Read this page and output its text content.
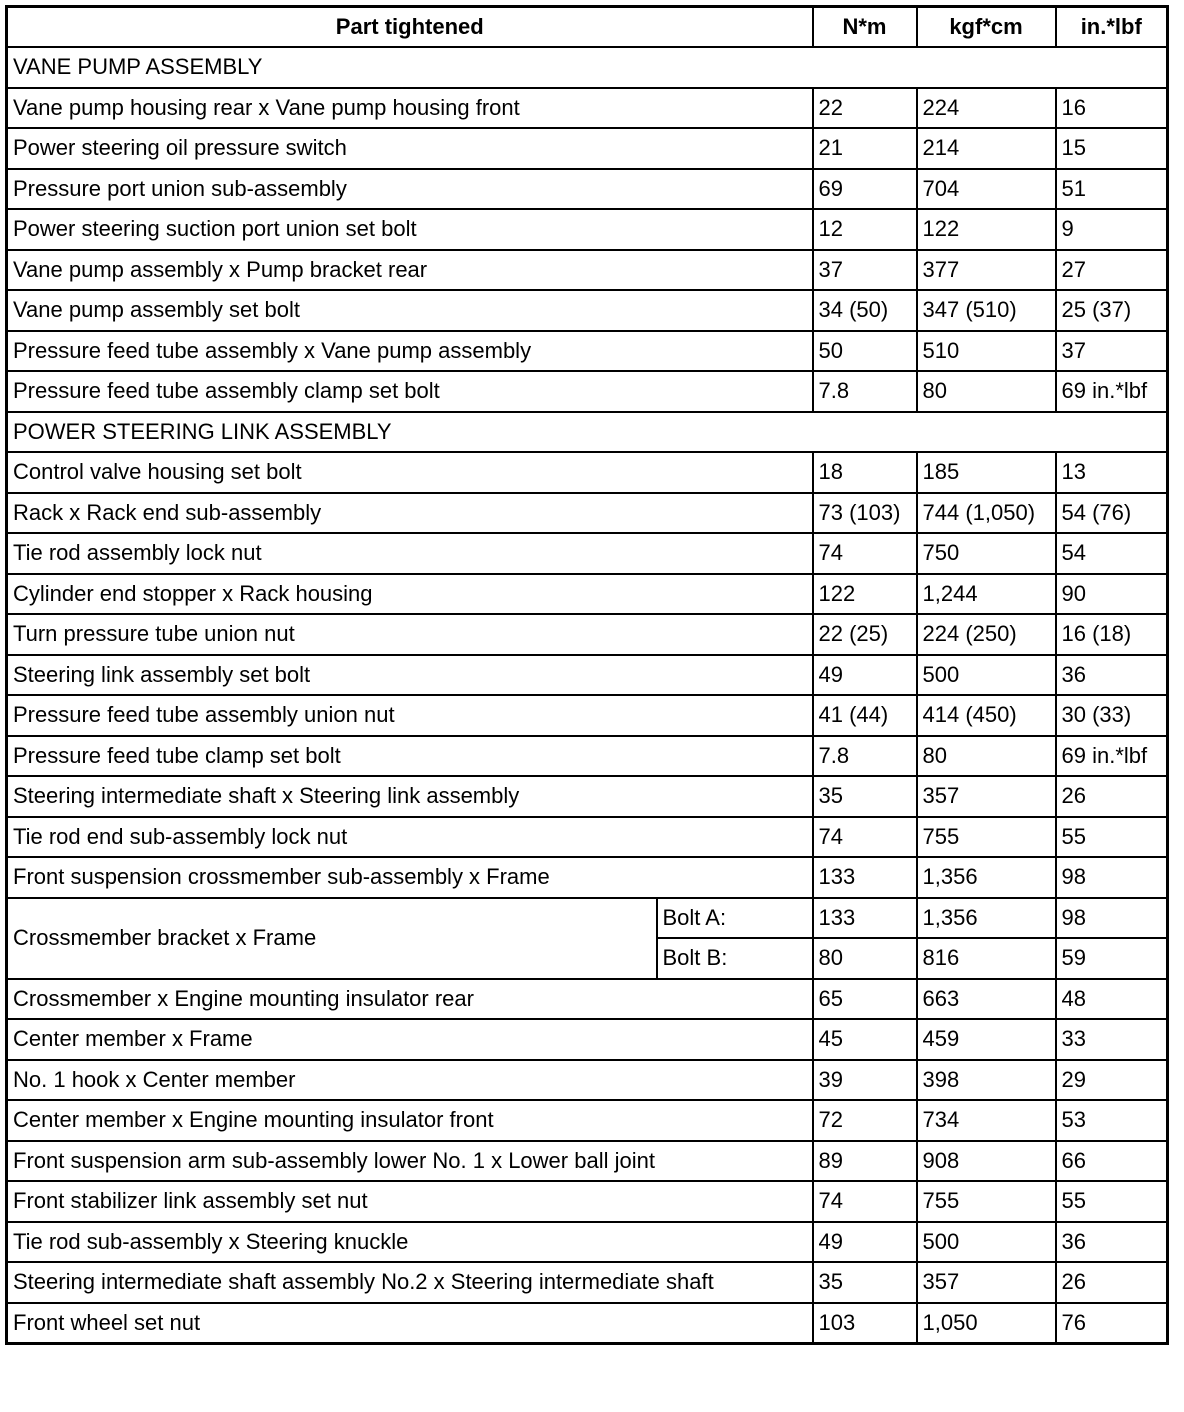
Part tightened		N*m	kgf*cm	in.*lbf
VANE PUMP ASSEMBLY				
Vane pump housing rear x Vane pump housing front		22	224	16
Power steering oil pressure switch		21	214	15
Pressure port union sub-assembly		69	704	51
Power steering suction port union set bolt		12	122	9
Vane pump assembly x Pump bracket rear		37	377	27
Vane pump assembly set bolt		34 (50)	347 (510)	25 (37)
Pressure feed tube assembly x Vane pump assembly		50	510	37
Pressure feed tube assembly clamp set bolt		7.8	80	69 in.*lbf
POWER STEERING LINK ASSEMBLY				
Control valve housing set bolt		18	185	13
Rack x Rack end sub-assembly		73 (103)	744 (1,050)	54 (76)
Tie rod assembly lock nut		74	750	54
Cylinder end stopper x Rack housing		122	1,244	90
Turn pressure tube union nut		22 (25)	224 (250)	16 (18)
Steering link assembly set bolt		49	500	36
Pressure feed tube assembly union nut		41 (44)	414 (450)	30 (33)
Pressure feed tube clamp set bolt		7.8	80	69 in.*lbf
Steering intermediate shaft x Steering link assembly		35	357	26
Tie rod end sub-assembly lock nut		74	755	55
Front suspension crossmember sub-assembly x Frame		133	1,356	98
Crossmember bracket x Frame	Bolt A:	133	1,356	98
	Bolt B:	80	816	59
Crossmember x Engine mounting insulator rear		65	663	48
Center member x Frame		45	459	33
No. 1 hook x Center member		39	398	29
Center member x Engine mounting insulator front		72	734	53
Front suspension arm sub-assembly lower No. 1 x Lower ball joint		89	908	66
Front stabilizer link assembly set nut		74	755	55
Tie rod sub-assembly x Steering knuckle		49	500	36
Steering intermediate shaft assembly No.2 x Steering intermediate shaft		35	357	26
Front wheel set nut		103	1,050	76
